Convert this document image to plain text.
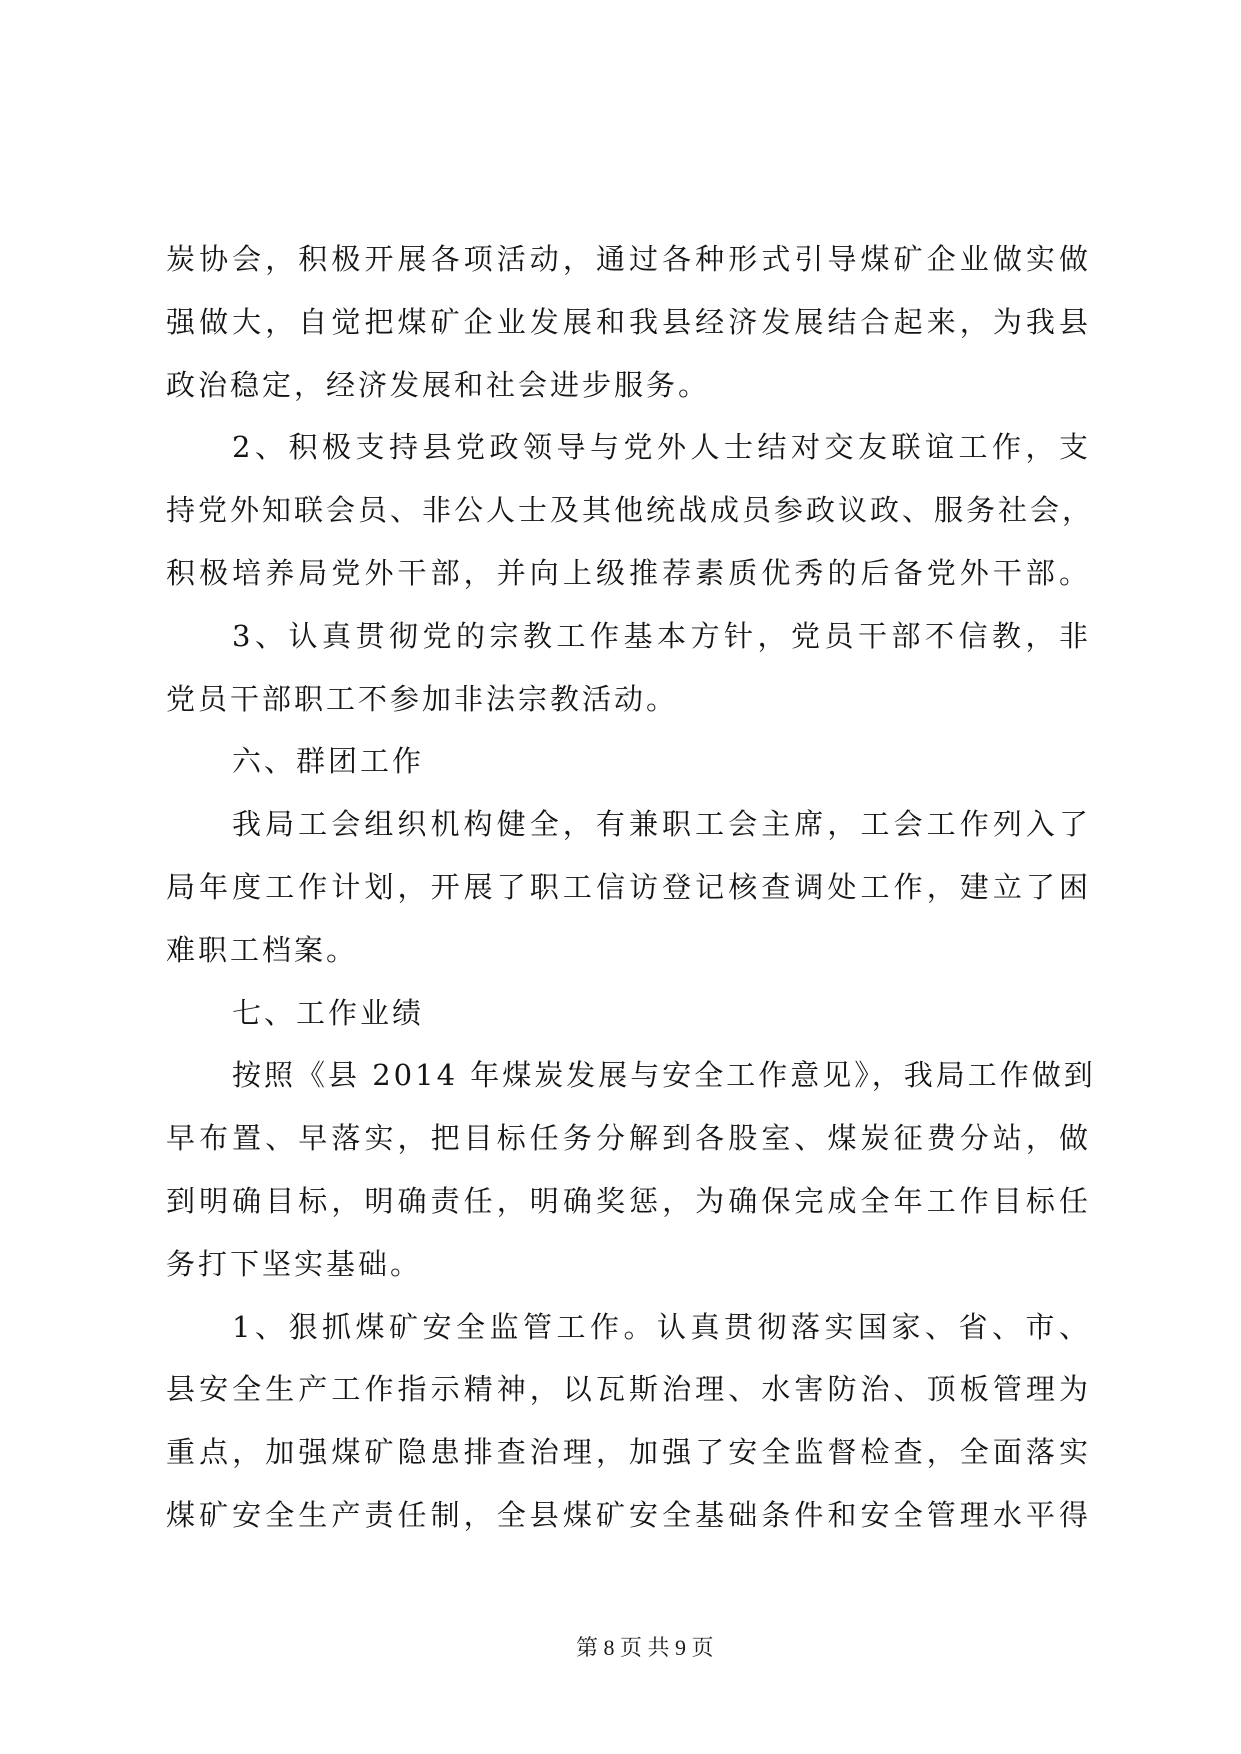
炭协会，积极开展各项活动，通过各种形式引导煤矿企业做实做
强做大，自觉把煤矿企业发展和我县经济发展结合起来，为我县
政治稳定，经济发展和社会进步服务。
2、积极支持县党政领导与党外人士结对交友联谊工作，支
持党外知联会员、非公人士及其他统战成员参政议政、服务社会，
积极培养局党外干部，并向上级推荐素质优秀的后备党外干部。
3、认真贯彻党的宗教工作基本方针，党员干部不信教，非
党员干部职工不参加非法宗教活动。
六、群团工作
我局工会组织机构健全，有兼职工会主席，工会工作列入了
局年度工作计划，开展了职工信访登记核查调处工作，建立了困
难职工档案。
七、工作业绩
按照《县 2014 年煤炭发展与安全工作意见》，我局工作做到
早布置、早落实，把目标任务分解到各股室、煤炭征费分站，做
到明确目标，明确责任，明确奖惩，为确保完成全年工作目标任
务打下坚实基础。
1、狠抓煤矿安全监管工作。认真贯彻落实国家、省、市、
县安全生产工作指示精神，以瓦斯治理、水害防治、顶板管理为
重点，加强煤矿隐患排查治理，加强了安全监督检查，全面落实
煤矿安全生产责任制，全县煤矿安全基础条件和安全管理水平得
第 8 页 共 9 页
